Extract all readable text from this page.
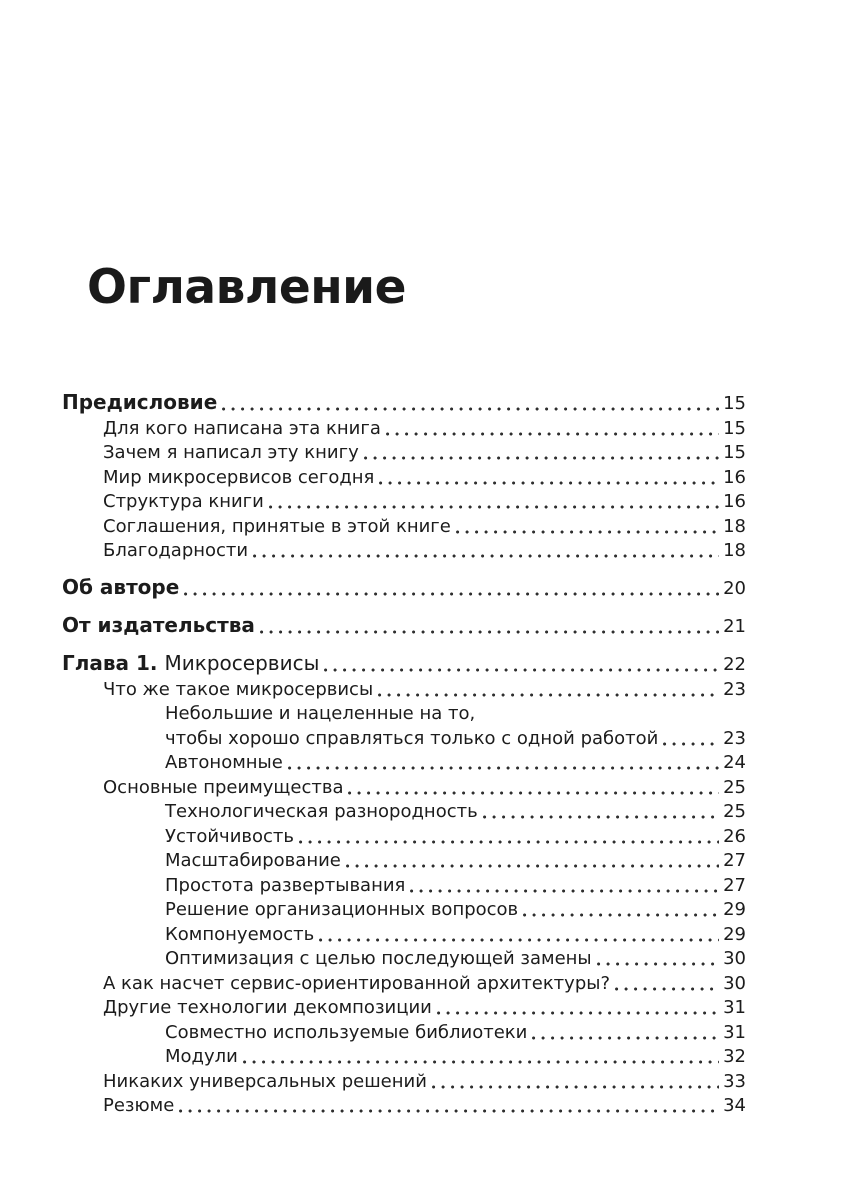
Оглавление
Предисловие	15
Для кого написана эта книга	15
Зачем я написал эту книгу	15
Мир микросервисов сегодня	16
Структура книги	16
Соглашения, принятые в этой книге	18
Благодарности	18
Об авторе	20
От издательства	21
Глава 1. Микросервисы	22
Что же такое микросервисы	23
Небольшие и нацеленные на то,
чтобы хорошо справляться только с одной работой	23
Автономные	24
Основные преимущества	25
Технологическая разнородность	25
Устойчивость	26
Масштабирование	27
Простота развертывания	27
Решение организационных вопросов	29
Компонуемость	29
Оптимизация с целью последующей замены	30
А как насчет сервис-ориентированной архитектуры?	30
Другие технологии декомпозиции	31
Совместно используемые библиотеки	31
Модули	32
Никаких универсальных решений	33
Резюме	34
